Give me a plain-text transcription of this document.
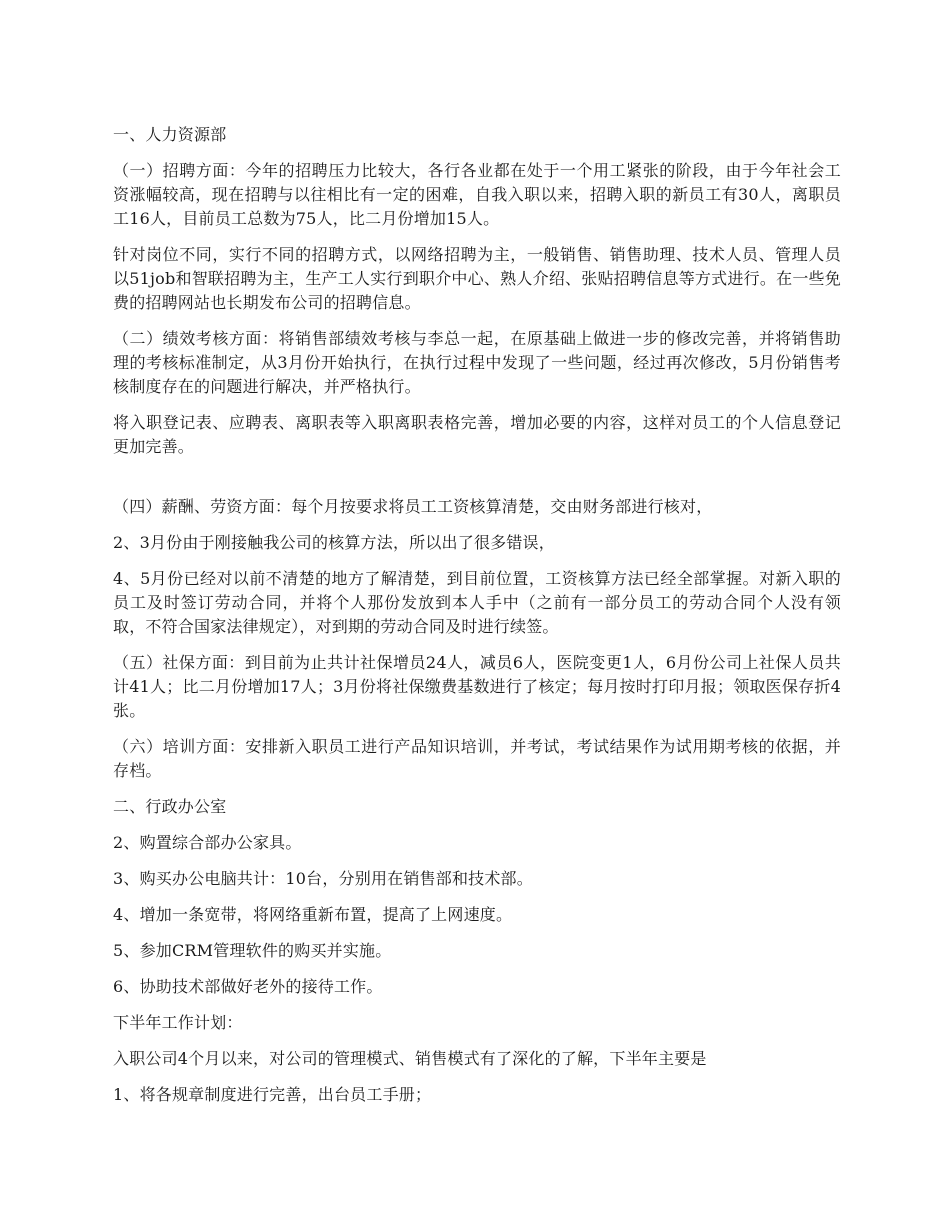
一、人力资源部

（一）招聘方面：今年的招聘压力比较大，各行各业都在处于一个用工紧张的阶段，由于今年社会工资涨幅较高，现在招聘与以往相比有一定的困难，自我入职以来，招聘入职的新员工有30人，离职员工16人，目前员工总数为75人，比二月份增加15人。

针对岗位不同，实行不同的招聘方式，以网络招聘为主，一般销售、销售助理、技术人员、管理人员以51job和智联招聘为主，生产工人实行到职介中心、熟人介绍、张贴招聘信息等方式进行。在一些免费的招聘网站也长期发布公司的招聘信息。

（二）绩效考核方面：将销售部绩效考核与李总一起，在原基础上做进一步的修改完善，并将销售助理的考核标准制定，从3月份开始执行，在执行过程中发现了一些问题，经过再次修改，5月份销售考核制度存在的问题进行解决，并严格执行。

将入职登记表、应聘表、离职表等入职离职表格完善，增加必要的内容，这样对员工的个人信息登记更加完善。

（四）薪酬、劳资方面：每个月按要求将员工工资核算清楚，交由财务部进行核对，

2、3月份由于刚接触我公司的核算方法，所以出了很多错误，

4、5月份已经对以前不清楚的地方了解清楚，到目前位置，工资核算方法已经全部掌握。对新入职的员工及时签订劳动合同，并将个人那份发放到本人手中（之前有一部分员工的劳动合同个人没有领取，不符合国家法律规定），对到期的劳动合同及时进行续签。

（五）社保方面：到目前为止共计社保增员24人，减员6人，医院变更1人，6月份公司上社保人员共计41人；比二月份增加17人；3月份将社保缴费基数进行了核定；每月按时打印月报；领取医保存折4张。

（六）培训方面：安排新入职员工进行产品知识培训，并考试，考试结果作为试用期考核的依据，并存档。

二、行政办公室

2、购置综合部办公家具。

3、购买办公电脑共计：10台，分别用在销售部和技术部。

4、增加一条宽带，将网络重新布置，提高了上网速度。

5、参加CRM管理软件的购买并实施。

6、协助技术部做好老外的接待工作。

下半年工作计划：

入职公司4个月以来，对公司的管理模式、销售模式有了深化的了解，下半年主要是

1、将各规章制度进行完善，出台员工手册；
